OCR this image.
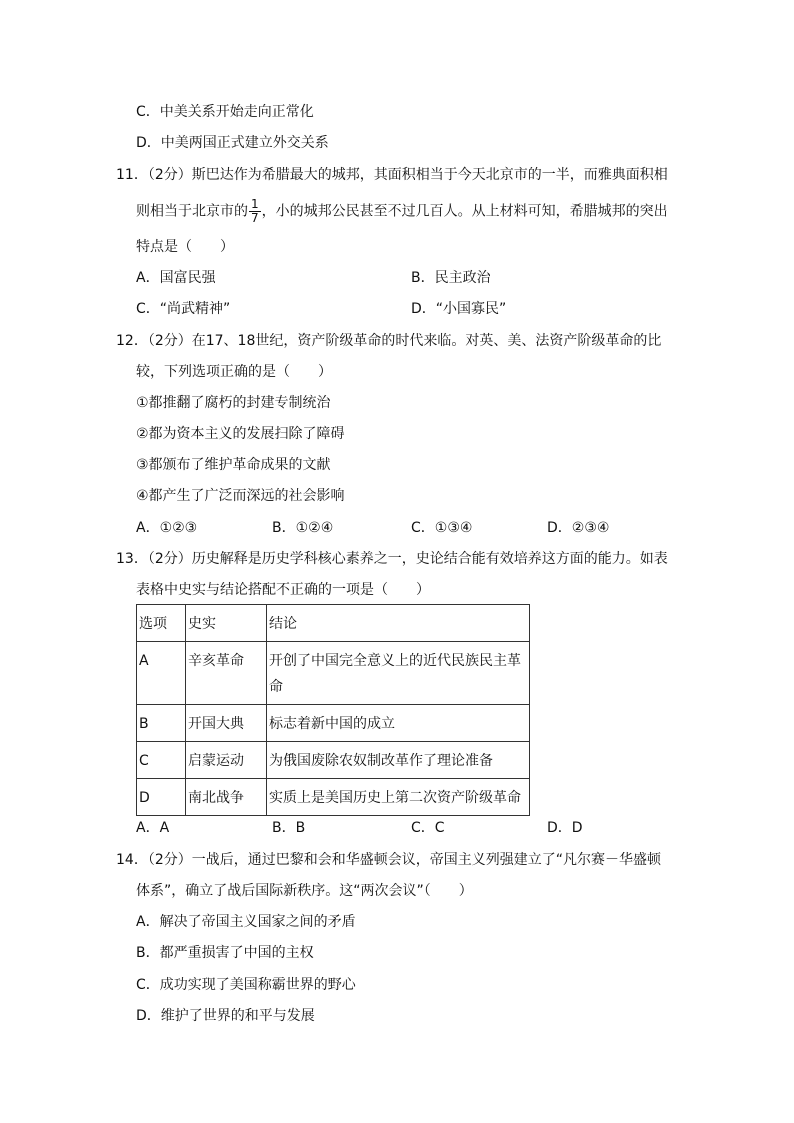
C．中美关系开始走向正常化
D．中美两国正式建立外交关系
11．（2分）斯巴达作为希腊最大的城邦，其面积相当于今天北京市的一半，而雅典面积相
则相当于北京市的 $\frac{1}{7}$ ，小的城邦公民甚至不过几百人。从上材料可知，希腊城邦的突出
特点是（　　）
A．国富民强	B．民主政治
C．“尚武精神”	D．“小国寡民”
12．（2分）在17、18世纪，资产阶级革命的时代来临。对英、美、法资产阶级革命的比
较，下列选项正确的是（　　）
①都推翻了腐朽的封建专制统治
②都为资本主义的发展扫除了障碍
③都颁布了维护革命成果的文献
④都产生了广泛而深远的社会影响
A．①②③	B．①②④	C．①③④	D．②③④
13．（2分）历史解释是历史学科核心素养之一，史论结合能有效培养这方面的能力。如表
表格中史实与结论搭配不正确的一项是（　　）
选项	史实	结论
A	辛亥革命	开创了中国完全意义上的近代民族民主革命
B	开国大典	标志着新中国的成立
C	启蒙运动	为俄国废除农奴制改革作了理论准备
D	南北战争	实质上是美国历史上第二次资产阶级革命
A．A	B．B	C．C	D．D
14．（2分）一战后，通过巴黎和会和华盛顿会议，帝国主义列强建立了“凡尔赛－华盛顿
体系”，确立了战后国际新秩序。这“两次会议”（　　）
A．解决了帝国主义国家之间的矛盾
B．都严重损害了中国的主权
C．成功实现了美国称霸世界的野心
D．维护了世界的和平与发展
